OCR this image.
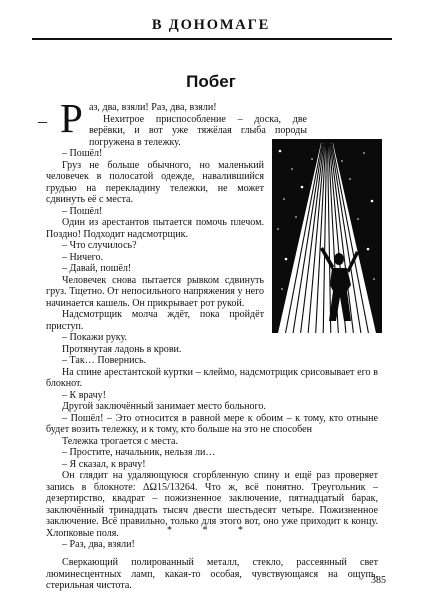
В ДОНОМАГЕ
Побег

– Р аз, два, взяли! Раз, два, взяли!

Нехитрое приспособление – доска, две верёвки, и вот уже тяжёлая глыба породы погружена в тележку.

– Пошёл!

Груз не больше обычного, но маленький человечек в полосатой одежде, навалившийся грудью на перекладину тележки, не может сдвинуть её с места.

– Пошёл!

Один из арестантов пытается помочь плечом. Поздно! Подходит надсмотрщик.

– Что случилось?

– Ничего.

– Давай, пошёл!

Человечек снова пытается рывком сдвинуть груз. Тщетно. От непосильного напряжения у него начинается кашель. Он прикрывает рот рукой.

Надсмотрщик молча ждёт, пока пройдёт приступ.

– Покажи руку.

Протянутая ладонь в крови.

– Так… Повернись.

На спине арестантской куртки – клеймо, надсмотрщик срисовывает его в блокнот.

– К врачу!

Другой заключённый занимает место больного.

– Пошёл! – Это относится в равной мере к обоим – к тому, кто отныне будет возить тележку, и к тому, кто больше на это не способен

Тележка трогается с места.

– Простите, начальник, нельзя ли…

– Я сказал, к врачу!

Он глядит на удаляющуюся сгорбленную спину и ещё раз проверяет запись в блокноте: ΔΩ15/13264. Что ж, всё понятно. Треугольник – дезертирство, квадрат – пожизненное заключение, пятнадцатый барак, заключённый тринадцать тысяч двести шестьдесят четыре. Пожизненное заключение. Всё правильно, только для этого вот, оно уже приходит к концу. Хлопковые поля.

– Раз, два, взяли!

* * *

Сверкающий полированный металл, стекло, рассеянный свет люминесцентных ламп, какая-то особая, чувствующаяся на ощупь, стерильная чистота.	385
